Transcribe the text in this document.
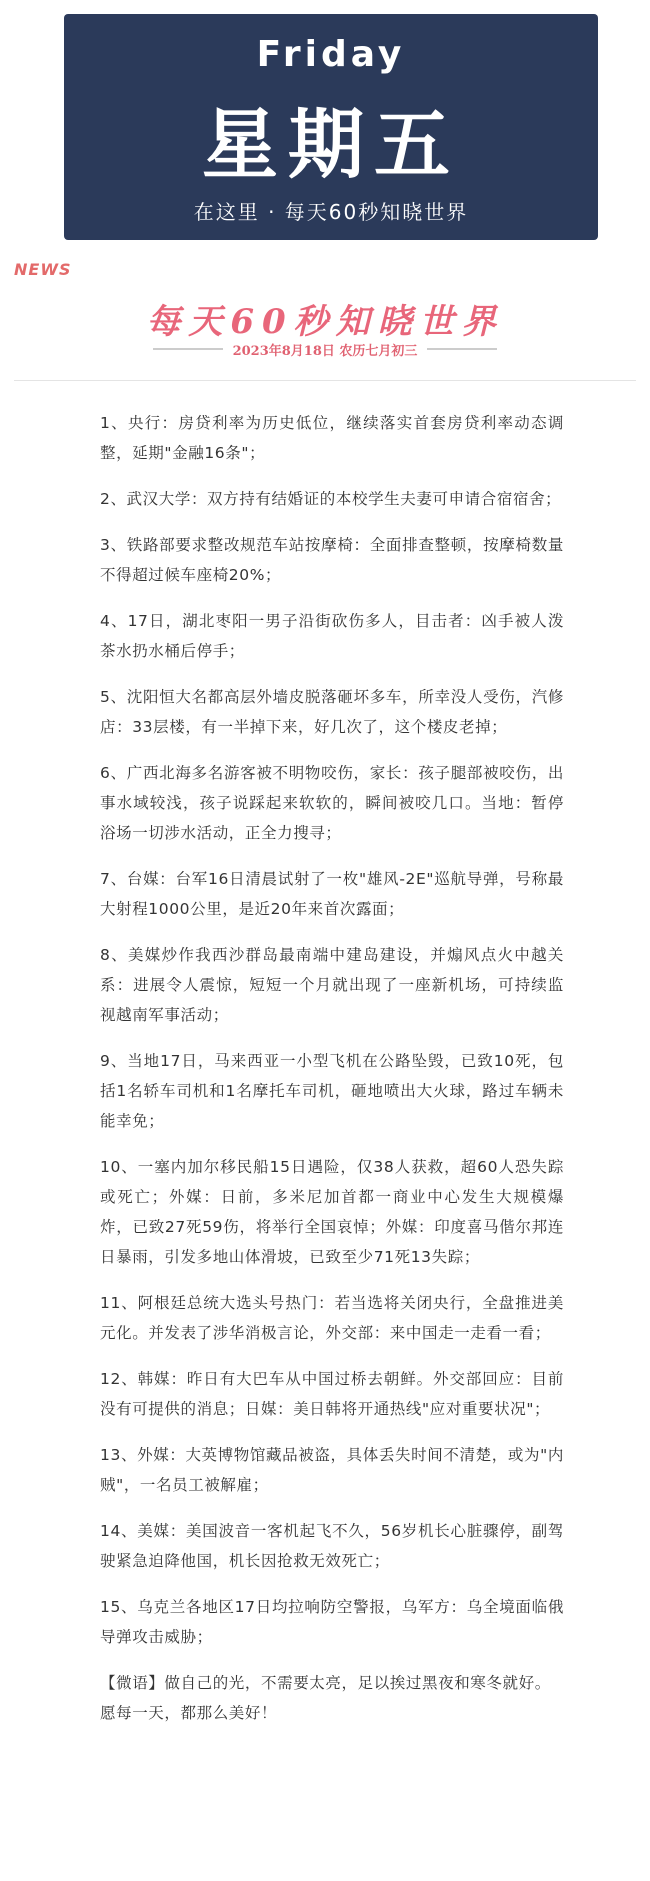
Friday
星期五
在这里 · 每天60秒知晓世界
NEWS
每天60秒知晓世界
2023年8月18日 农历七月初三
1、央行：房贷利率为历史低位，继续落实首套房贷利率动态调整，延期"金融16条"；
2、武汉大学：双方持有结婚证的本校学生夫妻可申请合宿宿舍；
3、铁路部要求整改规范车站按摩椅：全面排查整顿，按摩椅数量不得超过候车座椅20%；
4、17日，湖北枣阳一男子沿街砍伤多人，目击者：凶手被人泼茶水扔水桶后停手；
5、沈阳恒大名都高层外墙皮脱落砸坏多车，所幸没人受伤，汽修店：33层楼，有一半掉下来，好几次了，这个楼皮老掉；
6、广西北海多名游客被不明物咬伤，家长：孩子腿部被咬伤，出事水域较浅，孩子说踩起来软软的，瞬间被咬几口。当地：暂停浴场一切涉水活动，正全力搜寻；
7、台媒：台军16日清晨试射了一枚"雄风-2E"巡航导弹，号称最大射程1000公里，是近20年来首次露面；
8、美媒炒作我西沙群岛最南端中建岛建设，并煽风点火中越关系：进展令人震惊，短短一个月就出现了一座新机场，可持续监视越南军事活动；
9、当地17日，马来西亚一小型飞机在公路坠毁，已致10死，包括1名轿车司机和1名摩托车司机，砸地喷出大火球，路过车辆未能幸免；
10、一塞内加尔移民船15日遇险，仅38人获救，超60人恐失踪或死亡；外媒：日前，多米尼加首都一商业中心发生大规模爆炸，已致27死59伤，将举行全国哀悼；外媒：印度喜马偕尔邦连日暴雨，引发多地山体滑坡，已致至少71死13失踪；
11、阿根廷总统大选头号热门：若当选将关闭央行，全盘推进美元化。并发表了涉华消极言论，外交部：来中国走一走看一看；
12、韩媒：昨日有大巴车从中国过桥去朝鲜。外交部回应：目前没有可提供的消息；日媒：美日韩将开通热线"应对重要状况"；
13、外媒：大英博物馆藏品被盗，具体丢失时间不清楚，或为"内贼"，一名员工被解雇；
14、美媒：美国波音一客机起飞不久，56岁机长心脏骤停，副驾驶紧急迫降他国，机长因抢救无效死亡；
15、乌克兰各地区17日均拉响防空警报，乌军方：乌全境面临俄导弹攻击威胁；
【微语】做自己的光，不需要太亮，足以挨过黑夜和寒冬就好。愿每一天，都那么美好！
